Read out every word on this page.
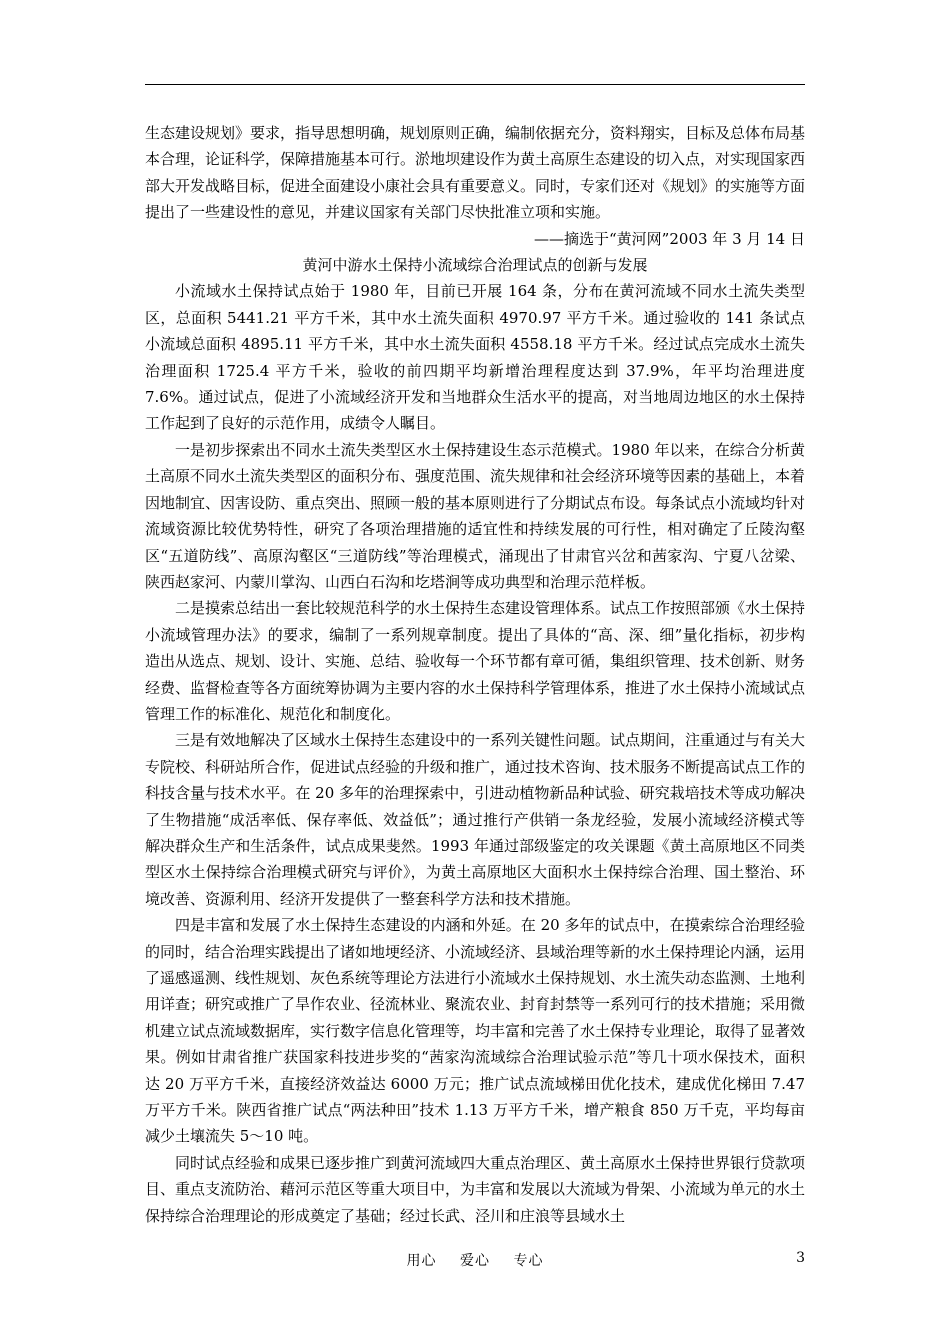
生态建设规划》要求，指导思想明确，规划原则正确，编制依据充分，资料翔实，目标及总体布局基本合理，论证科学，保障措施基本可行。淤地坝建设作为黄土高原生态建设的切入点，对实现国家西部大开发战略目标，促进全面建设小康社会具有重要意义。同时，专家们还对《规划》的实施等方面提出了一些建设性的意见，并建议国家有关部门尽快批准立项和实施。

——摘选于“黄河网”2003 年 3 月 14 日

黄河中游水土保持小流域综合治理试点的创新与发展

小流域水土保持试点始于 1980 年，目前已开展 164 条，分布在黄河流域不同水土流失类型区，总面积 5441.21 平方千米，其中水土流失面积 4970.97 平方千米。通过验收的 141 条试点小流域总面积 4895.11 平方千米，其中水土流失面积 4558.18 平方千米。经过试点完成水土流失治理面积 1725.4 平方千米，验收的前四期平均新增治理程度达到 37.9%，年平均治理进度 7.6%。通过试点，促进了小流域经济开发和当地群众生活水平的提高，对当地周边地区的水土保持工作起到了良好的示范作用，成绩令人瞩目。

一是初步探索出不同水土流失类型区水土保持建设生态示范模式。1980 年以来，在综合分析黄土高原不同水土流失类型区的面积分布、强度范围、流失规律和社会经济环境等因素的基础上，本着因地制宜、因害设防、重点突出、照顾一般的基本原则进行了分期试点布设。每条试点小流域均针对流域资源比较优势特性，研究了各项治理措施的适宜性和持续发展的可行性，相对确定了丘陵沟壑区“五道防线”、高原沟壑区“三道防线”等治理模式，涌现出了甘肃官兴岔和茜家沟、宁夏八岔梁、陕西赵家河、内蒙川掌沟、山西白石沟和圪塔涧等成功典型和治理示范样板。

二是摸索总结出一套比较规范科学的水土保持生态建设管理体系。试点工作按照部颁《水土保持小流域管理办法》的要求，编制了一系列规章制度。提出了具体的“高、深、细”量化指标，初步构造出从选点、规划、设计、实施、总结、验收每一个环节都有章可循，集组织管理、技术创新、财务经费、监督检查等各方面统筹协调为主要内容的水土保持科学管理体系，推进了水土保持小流域试点管理工作的标准化、规范化和制度化。

三是有效地解决了区域水土保持生态建设中的一系列关键性问题。试点期间，注重通过与有关大专院校、科研站所合作，促进试点经验的升级和推广，通过技术咨询、技术服务不断提高试点工作的科技含量与技术水平。在 20 多年的治理探索中，引进动植物新品种试验、研究栽培技术等成功解决了生物措施“成活率低、保存率低、效益低”；通过推行产供销一条龙经验，发展小流域经济模式等解决群众生产和生活条件，试点成果斐然。1993 年通过部级鉴定的攻关课题《黄土高原地区不同类型区水土保持综合治理模式研究与评价》，为黄土高原地区大面积水土保持综合治理、国土整治、环境改善、资源利用、经济开发提供了一整套科学方法和技术措施。

四是丰富和发展了水土保持生态建设的内涵和外延。在 20 多年的试点中，在摸索综合治理经验的同时，结合治理实践提出了诸如地埂经济、小流域经济、县域治理等新的水土保持理论内涵，运用了遥感遥测、线性规划、灰色系统等理论方法进行小流域水土保持规划、水土流失动态监测、土地利用详查；研究或推广了旱作农业、径流林业、聚流农业、封育封禁等一系列可行的技术措施；采用微机建立试点流域数据库，实行数字信息化管理等，均丰富和完善了水土保持专业理论，取得了显著效果。例如甘肃省推广获国家科技进步奖的“茜家沟流域综合治理试验示范”等几十项水保技术，面积达 20 万平方千米，直接经济效益达 6000 万元；推广试点流域梯田优化技术，建成优化梯田 7.47 万平方千米。陕西省推广试点“两法种田”技术 1.13 万平方千米，增产粮食 850 万千克，平均每亩减少土壤流失 5～10 吨。

同时试点经验和成果已逐步推广到黄河流域四大重点治理区、黄土高原水土保持世界银行贷款项目、重点支流防治、藉河示范区等重大项目中，为丰富和发展以大流域为骨架、小流域为单元的水土保持综合治理理论的形成奠定了基础；经过长武、泾川和庄浪等县域水土

用心 爱心 专心	3
